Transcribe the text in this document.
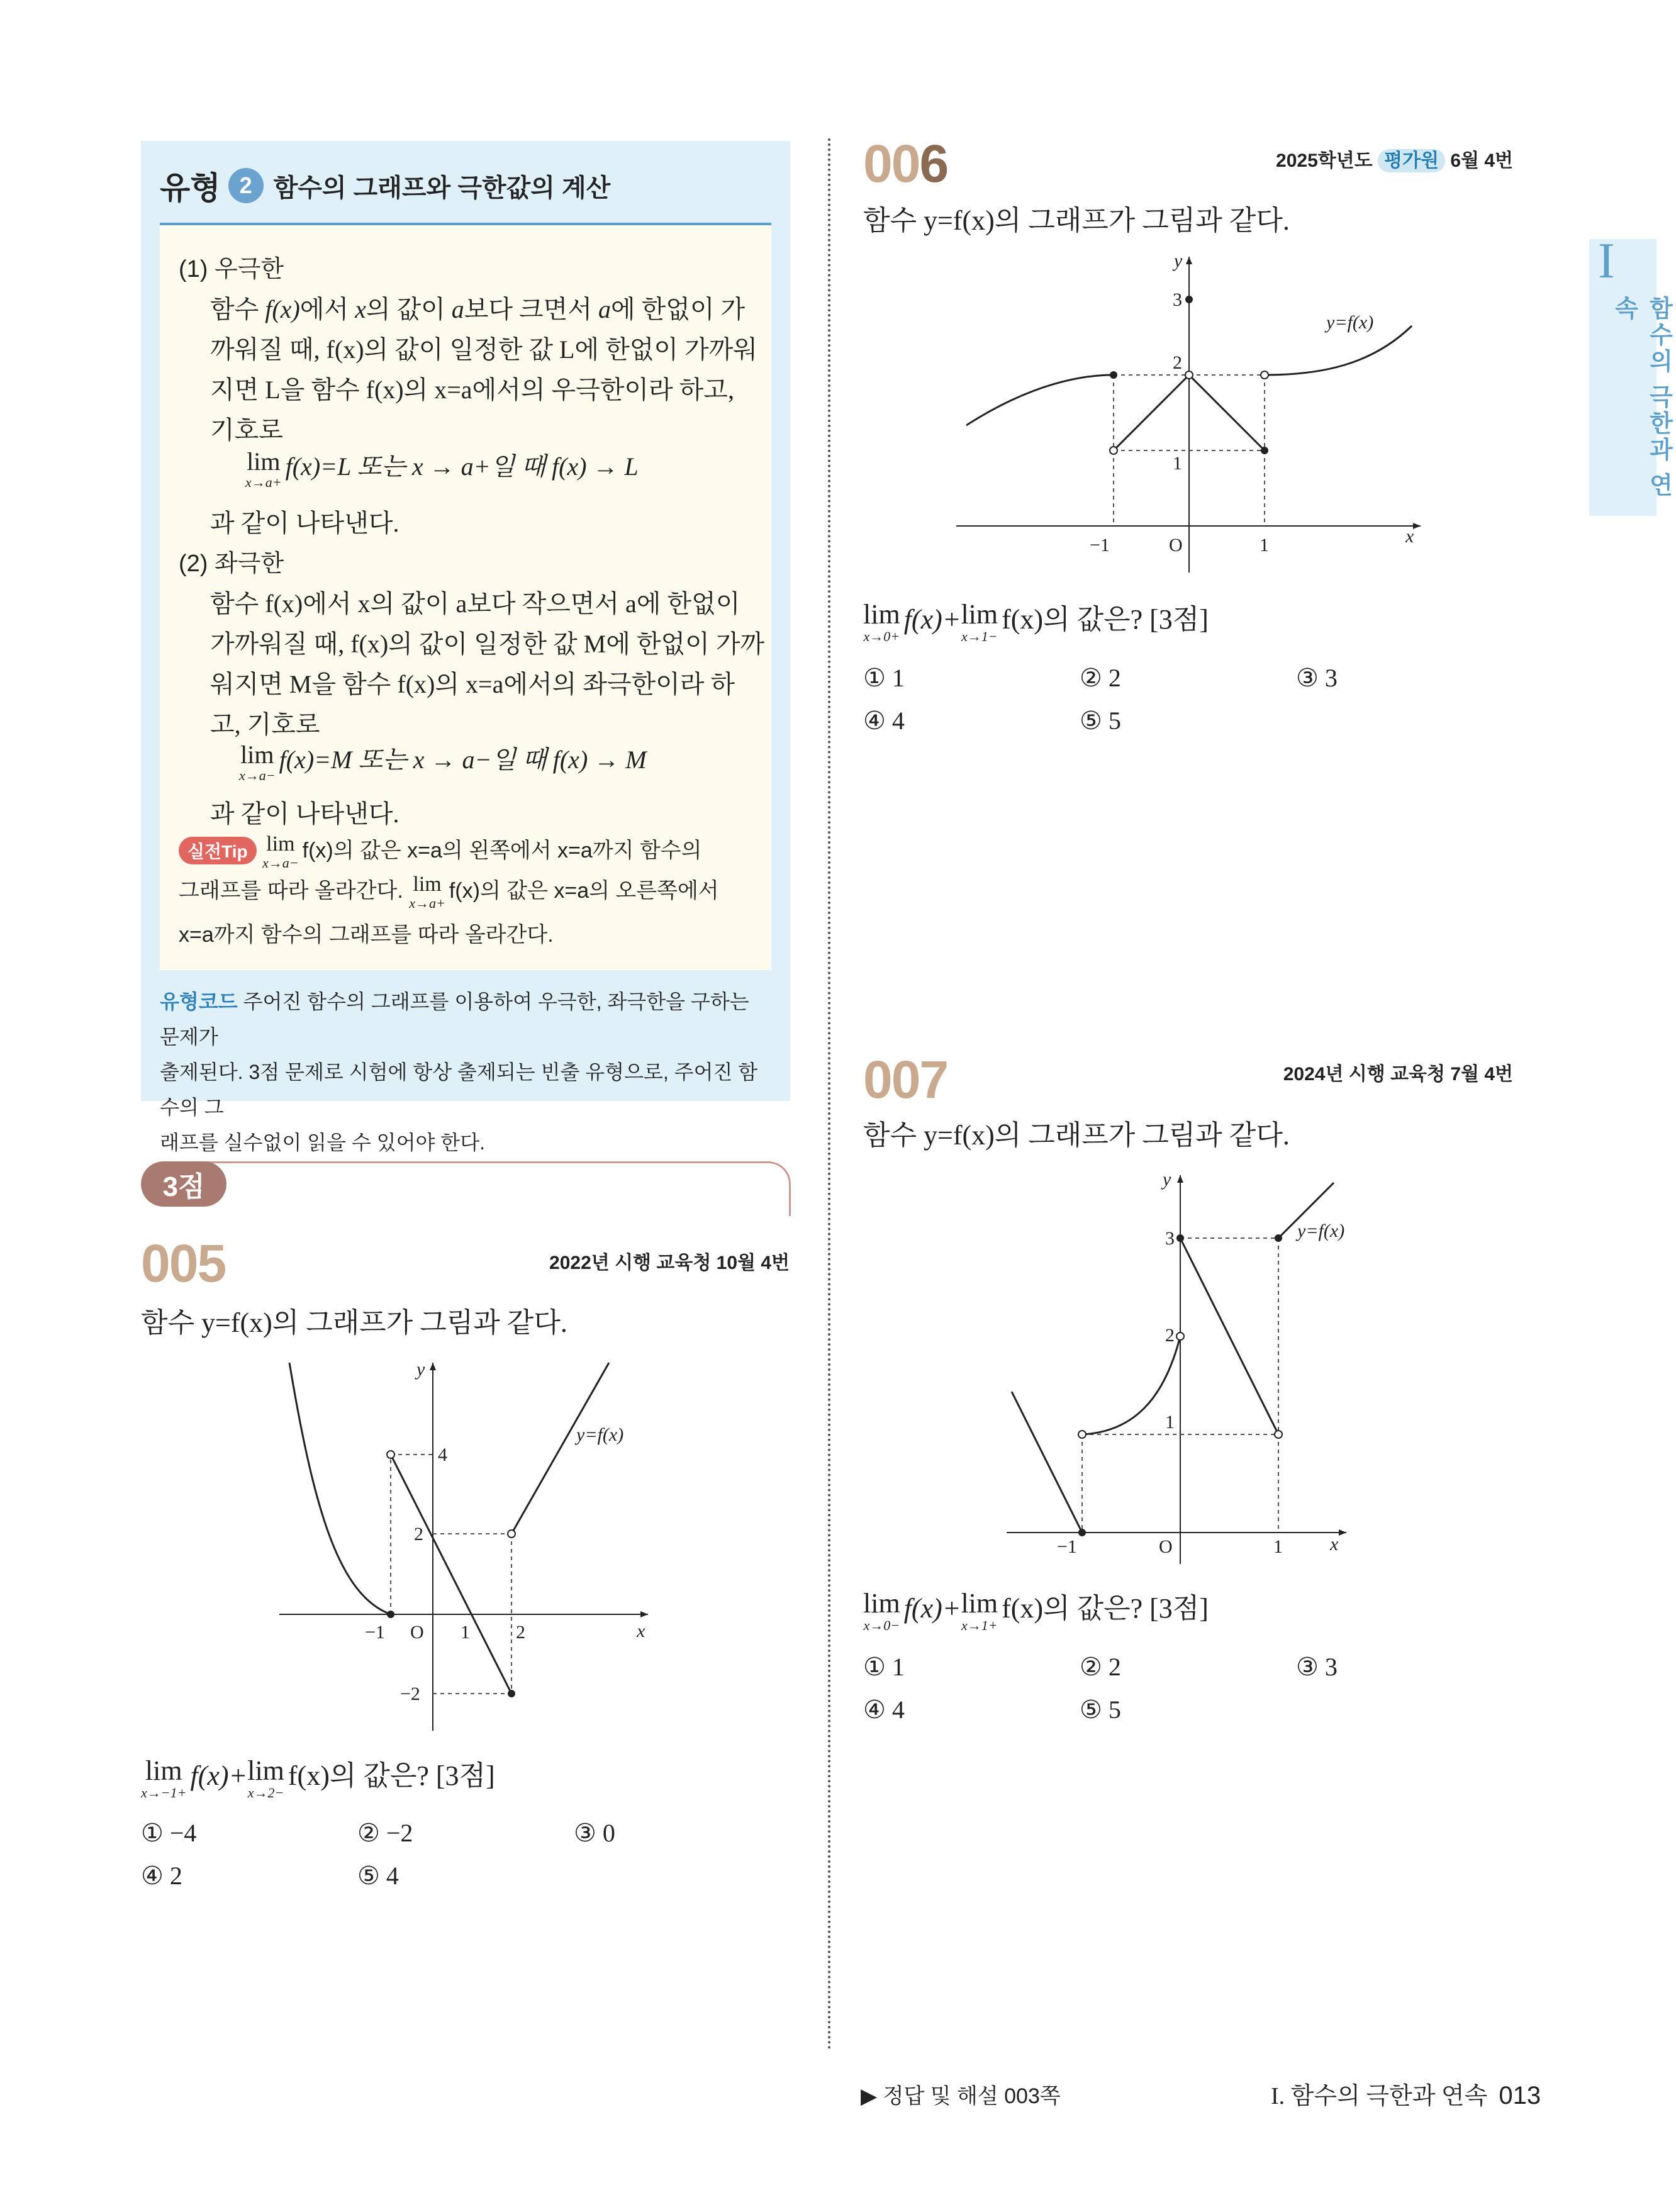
유형 2 함수의 그래프와 극한값의 계산
(1) 우극한
함수 f(x)에서 x의 값이 a보다 크면서 a에 한없이 가
까워질 때, f(x)의 값이 일정한 값 L에 한없이 가까워
지면 L을 함수 f(x)의 x=a에서의 우극한이라 하고,
기호로
lim
x→a+
f(x)=L 또는 x → a+일 때 f(x) → L
과 같이 나타낸다.
(2) 좌극한
함수 f(x)에서 x의 값이 a보다 작으면서 a에 한없이
가까워질 때, f(x)의 값이 일정한 값 M에 한없이 가까
워지면 M을 함수 f(x)의 x=a에서의 좌극한이라 하
고, 기호로
lim
x→a−
f(x)=M 또는 x → a−일 때 f(x) → M
과 같이 나타낸다.
실전Tip lim
x→a−
f(x)의 값은 x=a의 왼쪽에서 x=a까지 함수의
그래프를 따라 올라간다. lim
x→a+
f(x)의 값은 x=a의 오른쪽에서
x=a까지 함수의 그래프를 따라 올라간다.
유형코드 주어진 함수의 그래프를 이용하여 우극한, 좌극한을 구하는 문제가
출제된다. 3점 문제로 시험에 항상 출제되는 빈출 유형으로, 주어진 함수의 그
래프를 실수없이 읽을 수 있어야 한다.
3점
005	2022년 시행 교육청 10월 4번
함수 y=f(x)의 그래프가 그림과 같다.
−1 O 1 2	x
4
2
−2
y
y=f(x)
lim
x→−1+
f(x)+ lim
x→2−
f(x)의 값은? [3점]
① −4	② −2	③ 0
④ 2	⑤ 4
006	2025학년도 평가원 6월 4번
함수 y=f(x)의 그래프가 그림과 같다.
−1	O	1	x
3
2
1
y
y=f(x)
lim
x→0+
f(x)+ lim
x→1−
f(x)의 값은? [3점]
① 1	② 2	③ 3
④ 4	⑤ 5
007	2024년 시행 교육청 7월 4번
함수 y=f(x)의 그래프가 그림과 같다.
−1	O	1	x
3
2
1
y
y=f(x)
lim
x→0−
f(x)+ lim
x→1+
f(x)의 값은? [3점]
① 1	② 2	③ 3
④ 4	⑤ 5
I
함수의 극한과 연속
▶ 정답 및 해설 003쪽	I. 함수의 극한과 연속 013
